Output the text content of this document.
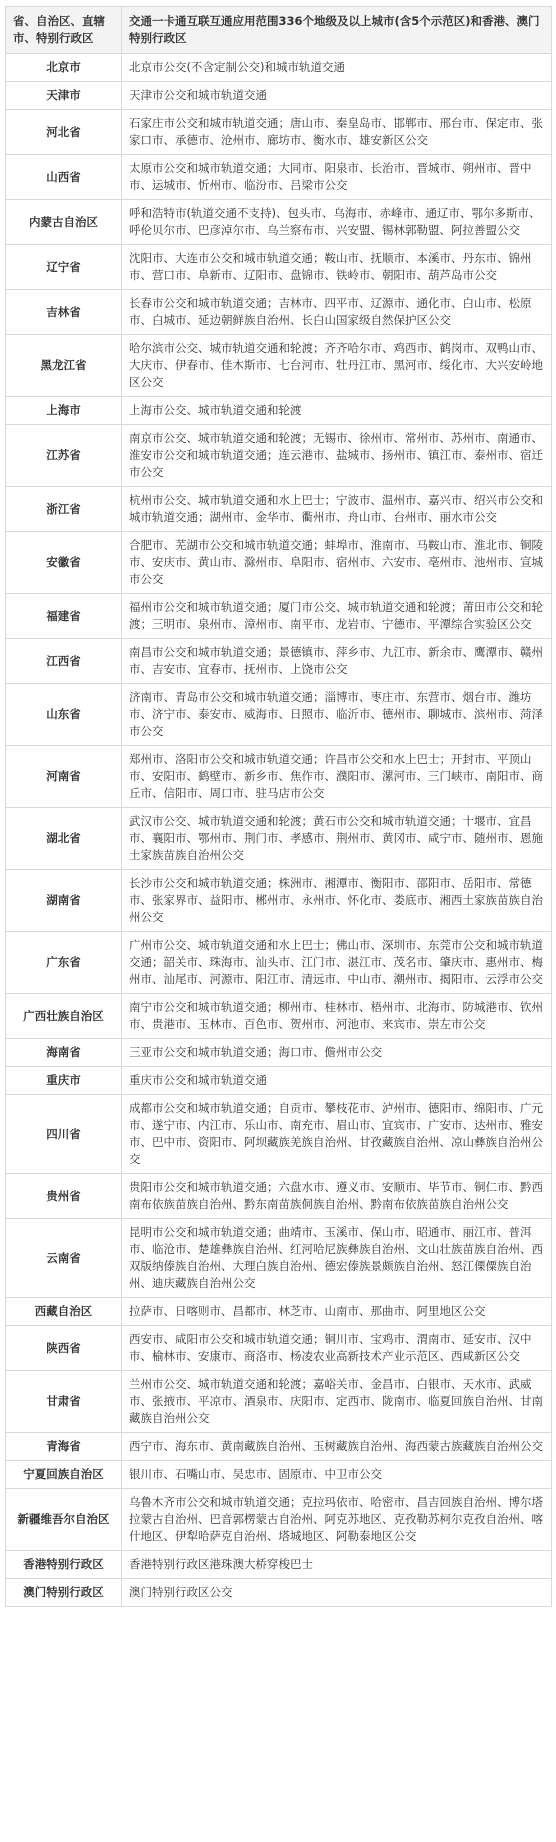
省、自治区、直辖市、特别行政区	交通一卡通互联互通应用范围336个地级及以上城市(含5个示范区)和香港、澳门特别行政区
北京市	北京市公交(不含定制公交)和城市轨道交通
天津市	天津市公交和城市轨道交通
河北省	石家庄市公交和城市轨道交通；唐山市、秦皇岛市、邯郸市、邢台市、保定市、张家口市、承德市、沧州市、廊坊市、衡水市、雄安新区公交
山西省	太原市公交和城市轨道交通；大同市、阳泉市、长治市、晋城市、朔州市、晋中市、运城市、忻州市、临汾市、吕梁市公交
内蒙古自治区	呼和浩特市(轨道交通不支持)、包头市、乌海市、赤峰市、通辽市、鄂尔多斯市、呼伦贝尔市、巴彦淖尔市、乌兰察布市、兴安盟、锡林郭勒盟、阿拉善盟公交
辽宁省	沈阳市、大连市公交和城市轨道交通；鞍山市、抚顺市、本溪市、丹东市、锦州市、营口市、阜新市、辽阳市、盘锦市、铁岭市、朝阳市、葫芦岛市公交
吉林省	长春市公交和城市轨道交通；吉林市、四平市、辽源市、通化市、白山市、松原市、白城市、延边朝鲜族自治州、长白山国家级自然保护区公交
黑龙江省	哈尔滨市公交、城市轨道交通和轮渡；齐齐哈尔市、鸡西市、鹤岗市、双鸭山市、大庆市、伊春市、佳木斯市、七台河市、牡丹江市、黑河市、绥化市、大兴安岭地区公交
上海市	上海市公交、城市轨道交通和轮渡
江苏省	南京市公交、城市轨道交通和轮渡；无锡市、徐州市、常州市、苏州市、南通市、淮安市公交和城市轨道交通；连云港市、盐城市、扬州市、镇江市、泰州市、宿迁市公交
浙江省	杭州市公交、城市轨道交通和水上巴士；宁波市、温州市、嘉兴市、绍兴市公交和城市轨道交通；湖州市、金华市、衢州市、舟山市、台州市、丽水市公交
安徽省	合肥市、芜湖市公交和城市轨道交通；蚌埠市、淮南市、马鞍山市、淮北市、铜陵市、安庆市、黄山市、滁州市、阜阳市、宿州市、六安市、亳州市、池州市、宣城市公交
福建省	福州市公交和城市轨道交通；厦门市公交、城市轨道交通和轮渡；莆田市公交和轮渡；三明市、泉州市、漳州市、南平市、龙岩市、宁德市、平潭综合实验区公交
江西省	南昌市公交和城市轨道交通；景德镇市、萍乡市、九江市、新余市、鹰潭市、赣州市、吉安市、宜春市、抚州市、上饶市公交
山东省	济南市、青岛市公交和城市轨道交通；淄博市、枣庄市、东营市、烟台市、潍坊市、济宁市、泰安市、威海市、日照市、临沂市、德州市、聊城市、滨州市、菏泽市公交
河南省	郑州市、洛阳市公交和城市轨道交通；许昌市公交和水上巴士；开封市、平顶山市、安阳市、鹤壁市、新乡市、焦作市、濮阳市、漯河市、三门峡市、南阳市、商丘市、信阳市、周口市、驻马店市公交
湖北省	武汉市公交、城市轨道交通和轮渡；黄石市公交和城市轨道交通；十堰市、宜昌市、襄阳市、鄂州市、荆门市、孝感市、荆州市、黄冈市、咸宁市、随州市、恩施土家族苗族自治州公交
湖南省	长沙市公交和城市轨道交通；株洲市、湘潭市、衡阳市、邵阳市、岳阳市、常德市、张家界市、益阳市、郴州市、永州市、怀化市、娄底市、湘西土家族苗族自治州公交
广东省	广州市公交、城市轨道交通和水上巴士；佛山市、深圳市、东莞市公交和城市轨道交通；韶关市、珠海市、汕头市、江门市、湛江市、茂名市、肇庆市、惠州市、梅州市、汕尾市、河源市、阳江市、清远市、中山市、潮州市、揭阳市、云浮市公交
广西壮族自治区	南宁市公交和城市轨道交通；柳州市、桂林市、梧州市、北海市、防城港市、钦州市、贵港市、玉林市、百色市、贺州市、河池市、来宾市、崇左市公交
海南省	三亚市公交和城市轨道交通；海口市、儋州市公交
重庆市	重庆市公交和城市轨道交通
四川省	成都市公交和城市轨道交通；自贡市、攀枝花市、泸州市、德阳市、绵阳市、广元市、遂宁市、内江市、乐山市、南充市、眉山市、宜宾市、广安市、达州市、雅安市、巴中市、资阳市、阿坝藏族羌族自治州、甘孜藏族自治州、凉山彝族自治州公交
贵州省	贵阳市公交和城市轨道交通；六盘水市、遵义市、安顺市、毕节市、铜仁市、黔西南布依族苗族自治州、黔东南苗族侗族自治州、黔南布依族苗族自治州公交
云南省	昆明市公交和城市轨道交通；曲靖市、玉溪市、保山市、昭通市、丽江市、普洱市、临沧市、楚雄彝族自治州、红河哈尼族彝族自治州、文山壮族苗族自治州、西双版纳傣族自治州、大理白族自治州、德宏傣族景颇族自治州、怒江傈僳族自治州、迪庆藏族自治州公交
西藏自治区	拉萨市、日喀则市、昌都市、林芝市、山南市、那曲市、阿里地区公交
陕西省	西安市、咸阳市公交和城市轨道交通；铜川市、宝鸡市、渭南市、延安市、汉中市、榆林市、安康市、商洛市、杨凌农业高新技术产业示范区、西咸新区公交
甘肃省	兰州市公交、城市轨道交通和轮渡；嘉峪关市、金昌市、白银市、天水市、武威市、张掖市、平凉市、酒泉市、庆阳市、定西市、陇南市、临夏回族自治州、甘南藏族自治州公交
青海省	西宁市、海东市、黄南藏族自治州、玉树藏族自治州、海西蒙古族藏族自治州公交
宁夏回族自治区	银川市、石嘴山市、吴忠市、固原市、中卫市公交
新疆维吾尔自治区	乌鲁木齐市公交和城市轨道交通；克拉玛依市、哈密市、昌吉回族自治州、博尔塔拉蒙古自治州、巴音郭楞蒙古自治州、阿克苏地区、克孜勒苏柯尔克孜自治州、喀什地区、伊犁哈萨克自治州、塔城地区、阿勒泰地区公交
香港特别行政区	香港特别行政区港珠澳大桥穿梭巴士
澳门特别行政区	澳门特别行政区公交
